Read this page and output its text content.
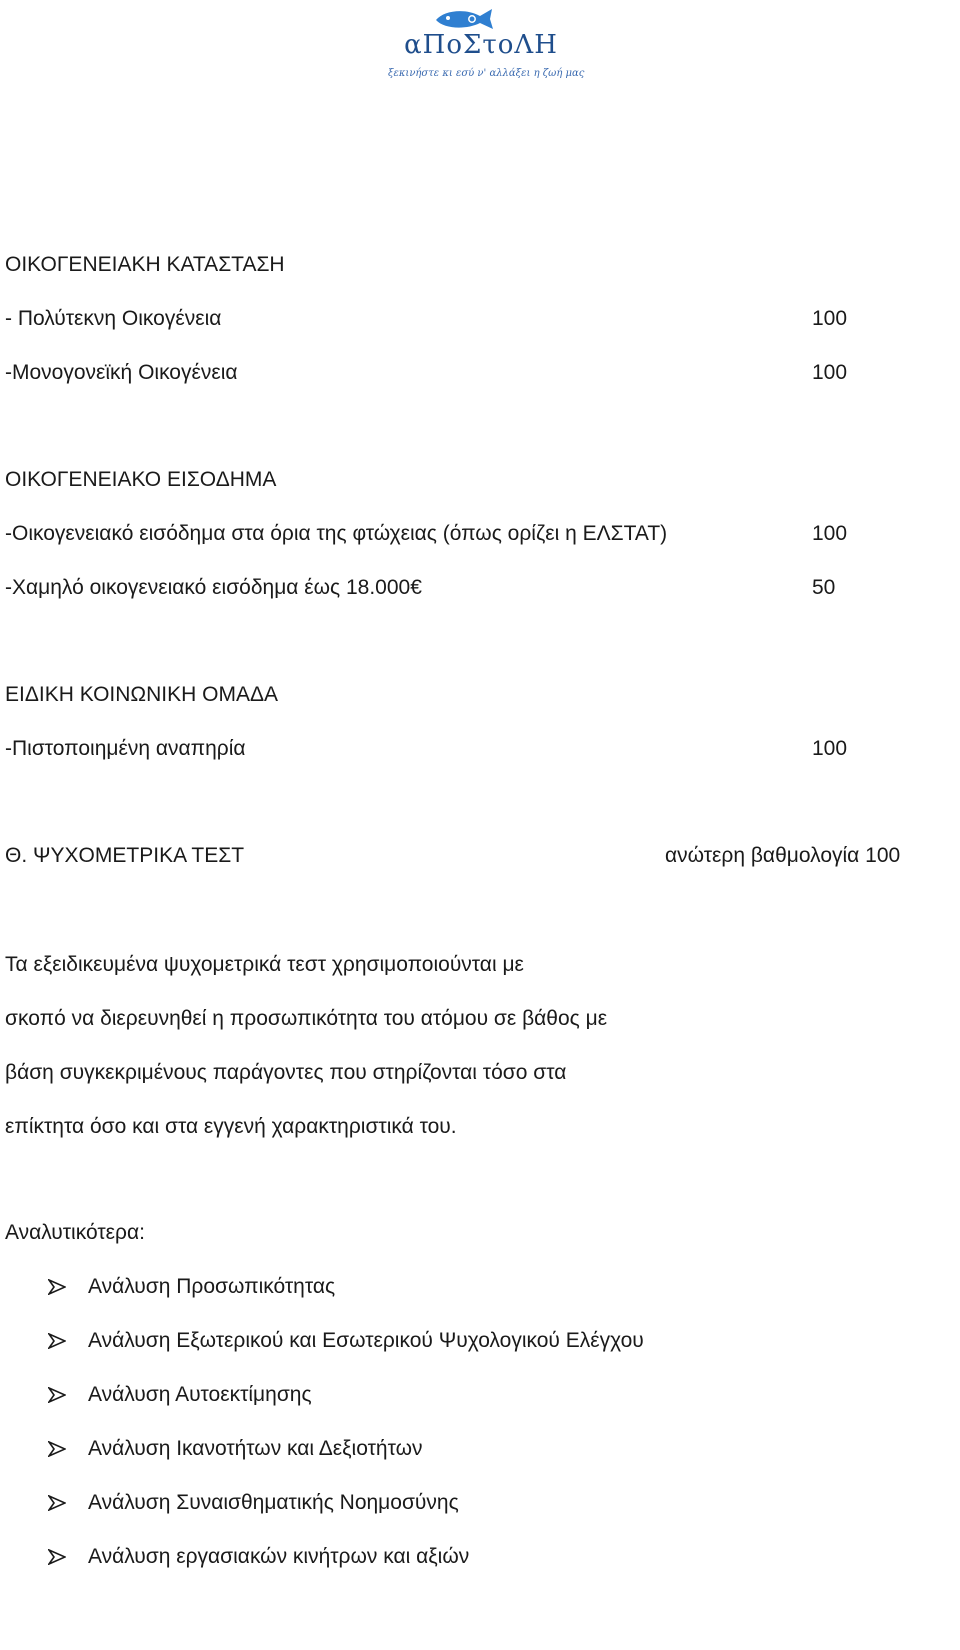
αΠοΣτοΛΗ
ξεκινήστε κι εσύ ν' αλλάξει η ζωή μας
ΟΙΚΟΓΕΝΕΙΑΚΗ ΚΑΤΑΣΤΑΣΗ
- Πολύτεκνη Οικογένεια	100
-Μονογονεϊκή Οικογένεια	100
ΟΙΚΟΓΕΝΕΙΑΚΟ ΕΙΣΟΔΗΜΑ
-Οικογενειακό εισόδημα στα όρια της φτώχειας (όπως ορίζει η ΕΛΣΤΑΤ)	100
-Χαμηλό οικογενειακό εισόδημα έως 18.000€	50
ΕΙΔΙΚΗ ΚΟΙΝΩΝΙΚΗ ΟΜΑΔΑ
-Πιστοποιημένη αναπηρία	100
Θ. ΨΥΧΟΜΕΤΡΙΚΑ ΤΕΣΤ	ανώτερη βαθμολογία 100
Τα εξειδικευμένα ψυχομετρικά τεστ χρησιμοποιούνται με
σκοπό να διερευνηθεί η προσωπικότητα του ατόμου σε βάθος με
βάση συγκεκριμένους παράγοντες που στηρίζονται τόσο στα
επίκτητα όσο και στα εγγενή χαρακτηριστικά του.
Αναλυτικότερα:
Ανάλυση Προσωπικότητας
Ανάλυση Εξωτερικού και Εσωτερικού Ψυχολογικού Ελέγχου
Ανάλυση Αυτοεκτίμησης
Ανάλυση Ικανοτήτων και Δεξιοτήτων
Ανάλυση Συναισθηματικής Νοημοσύνης
Ανάλυση εργασιακών κινήτρων και αξιών
